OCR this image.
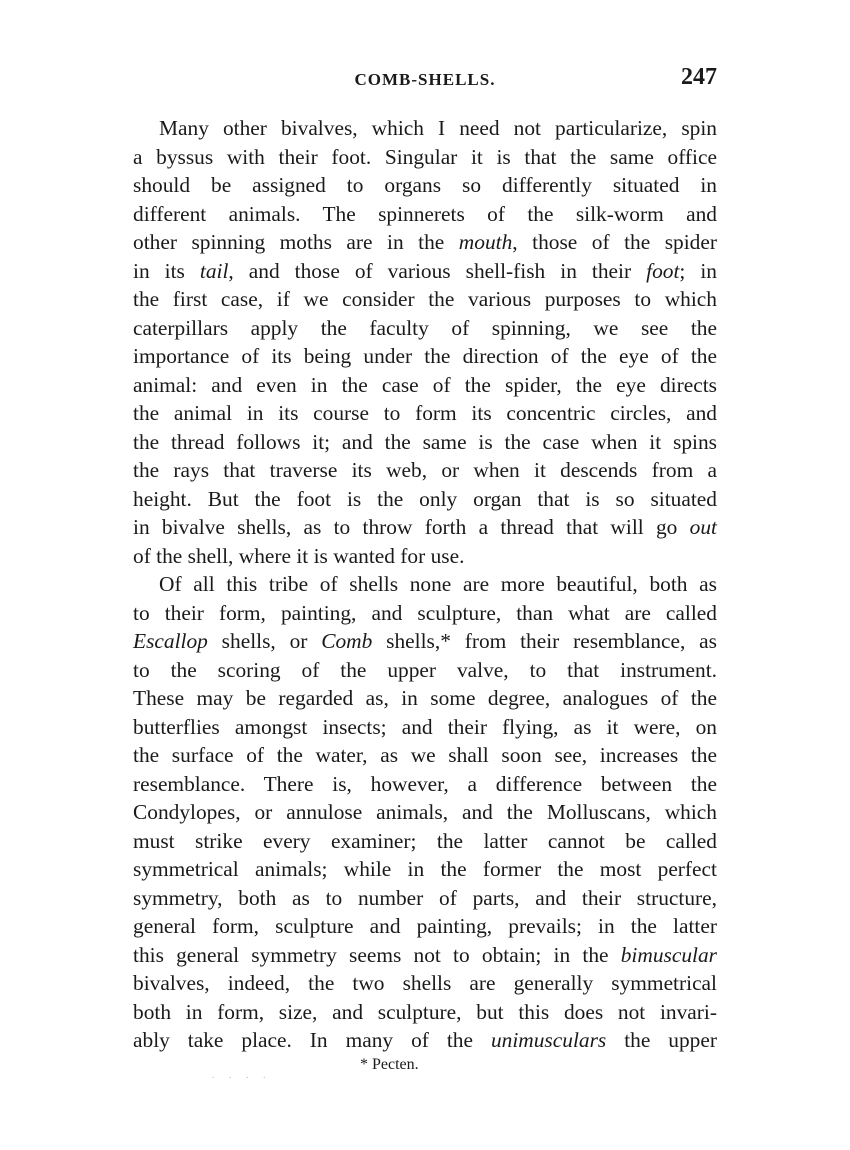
COMB-SHELLS.	247
Many other bivalves, which I need not particularize, spin
a byssus with their foot. Singular it is that the same office
should be assigned to organs so differently situated in
different animals. The spinnerets of the silk-worm and
other spinning moths are in the mouth, those of the spider
in its tail, and those of various shell-fish in their foot; in
the first case, if we consider the various purposes to which
caterpillars apply the faculty of spinning, we see the
importance of its being under the direction of the eye of the
animal: and even in the case of the spider, the eye directs
the animal in its course to form its concentric circles, and
the thread follows it; and the same is the case when it spins
the rays that traverse its web, or when it descends from a
height. But the foot is the only organ that is so situated
in bivalve shells, as to throw forth a thread that will go out
of the shell, where it is wanted for use.
Of all this tribe of shells none are more beautiful, both as
to their form, painting, and sculpture, than what are called
Escallop shells, or Comb shells,* from their resemblance, as
to the scoring of the upper valve, to that instrument.
These may be regarded as, in some degree, analogues of the
butterflies amongst insects; and their flying, as it were, on
the surface of the water, as we shall soon see, increases the
resemblance. There is, however, a difference between the
Condylopes, or annulose animals, and the Molluscans, which
must strike every examiner; the latter cannot be called
symmetrical animals; while in the former the most perfect
symmetry, both as to number of parts, and their structure,
general form, sculpture and painting, prevails; in the latter
this general symmetry seems not to obtain; in the bimuscular
bivalves, indeed, the two shells are generally symmetrical
both in form, size, and sculpture, but this does not invari-
ably take place. In many of the unimusculars the upper
. . . .
* Pecten.
